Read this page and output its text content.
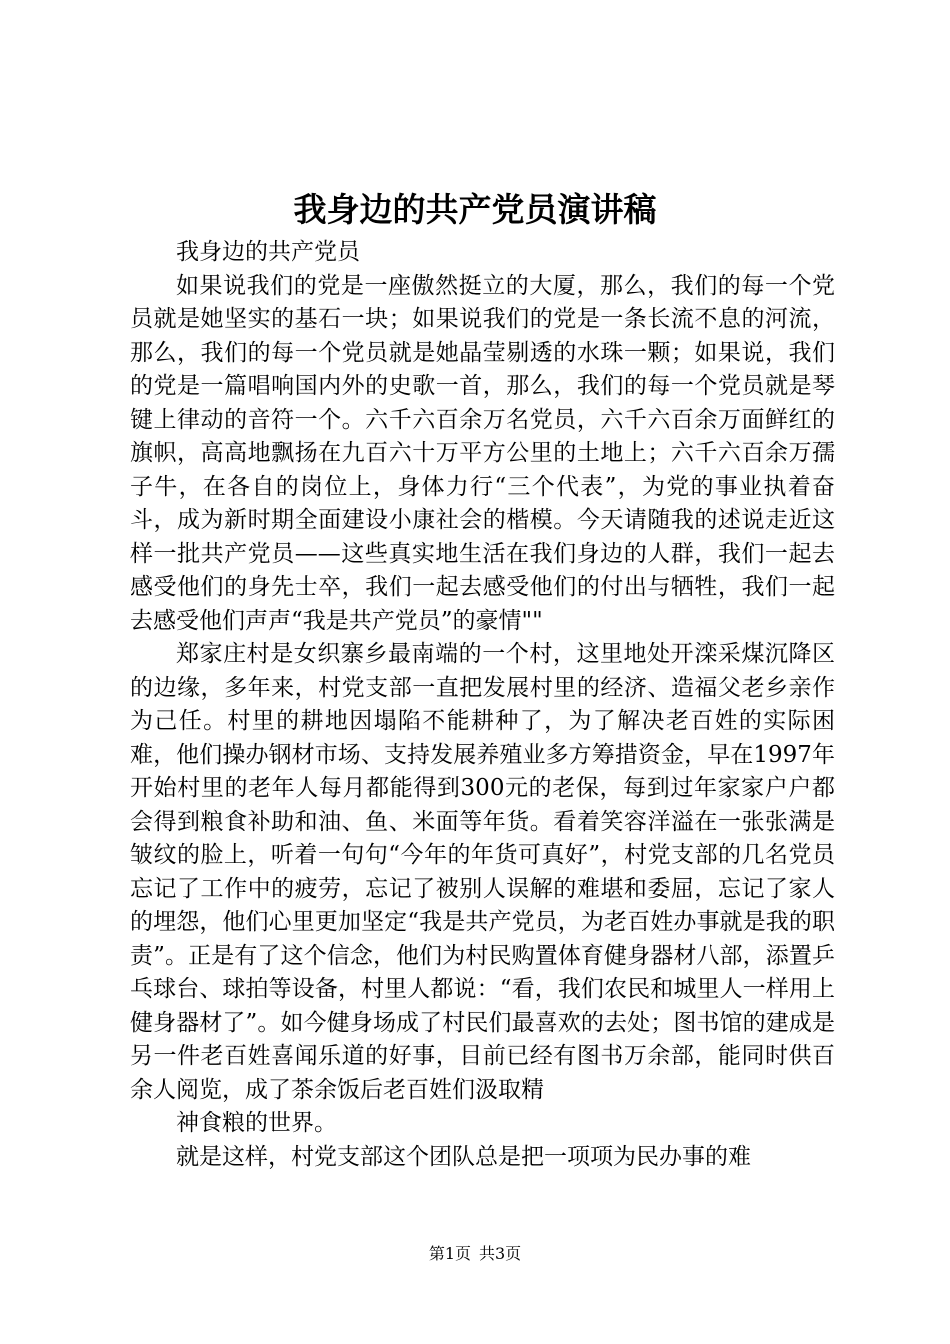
我身边的共产党员演讲稿

我身边的共产党员

如果说我们的党是一座傲然挺立的大厦，那么，我们的每一个党员就是她坚实的基石一块；如果说我们的党是一条长流不息的河流，那么，我们的每一个党员就是她晶莹剔透的水珠一颗；如果说，我们的党是一篇唱响国内外的史歌一首，那么，我们的每一个党员就是琴键上律动的音符一个。六千六百余万名党员，六千六百余万面鲜红的旗帜，高高地飘扬在九百六十万平方公里的土地上；六千六百余万孺子牛，在各自的岗位上，身体力行“三个代表”，为党的事业执着奋斗，成为新时期全面建设小康社会的楷模。今天请随我的述说走近这样一批共产党员——这些真实地生活在我们身边的人群，我们一起去感受他们的身先士卒，我们一起去感受他们的付出与牺牲，我们一起去感受他们声声“我是共产党员”的豪情""

郑家庄村是女织寨乡最南端的一个村，这里地处开滦采煤沉降区的边缘，多年来，村党支部一直把发展村里的经济、造福父老乡亲作为己任。村里的耕地因塌陷不能耕种了，为了解决老百姓的实际困难，他们操办钢材市场、支持发展养殖业多方筹措资金，早在1997年开始村里的老年人每月都能得到300元的老保，每到过年家家户户都会得到粮食补助和油、鱼、米面等年货。看着笑容洋溢在一张张满是皱纹的脸上，听着一句句“今年的年货可真好”，村党支部的几名党员忘记了工作中的疲劳，忘记了被别人误解的难堪和委屈，忘记了家人的埋怨，他们心里更加坚定“我是共产党员，为老百姓办事就是我的职责”。正是有了这个信念，他们为村民购置体育健身器材八部，添置乒乓球台、球拍等设备，村里人都说：“看，我们农民和城里人一样用上健身器材了”。如今健身场成了村民们最喜欢的去处；图书馆的建成是另一件老百姓喜闻乐道的好事，目前已经有图书万余部，能同时供百余人阅览，成了茶余饭后老百姓们汲取精

神食粮的世界。

就是这样，村党支部这个团队总是把一项项为民办事的难

第1页 共3页
